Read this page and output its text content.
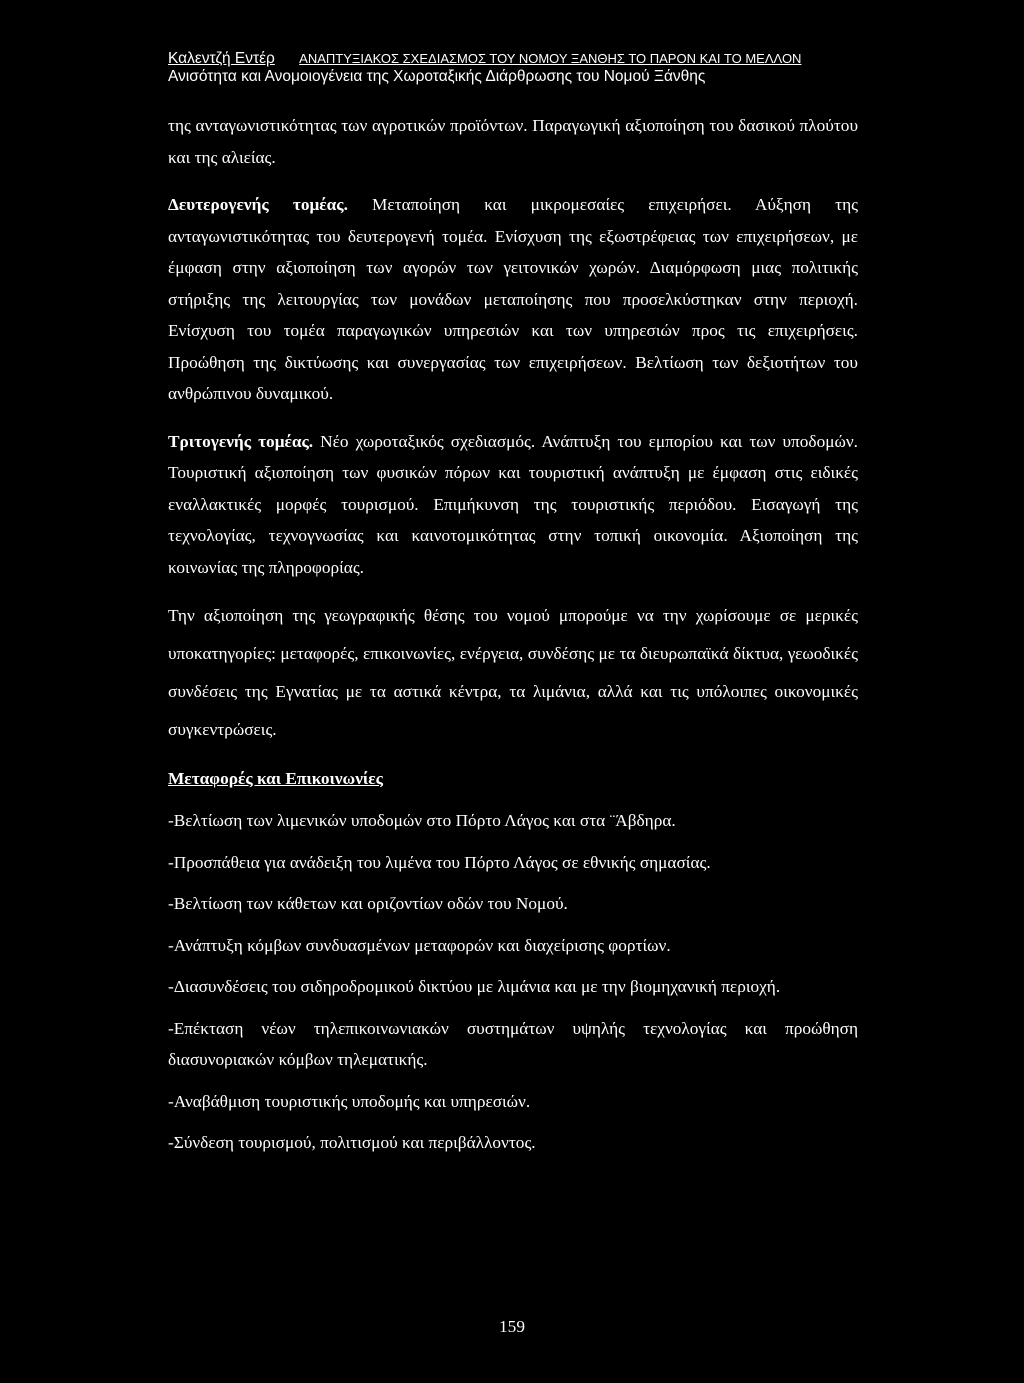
Καλεντζή Εντέρ ΑΝΑΠΤΥΞΙΑΚΟΣ ΣΧΕΔΙΑΣΜΟΣ ΤΟΥ ΝΟΜΟΥ ΞΑΝΘΗΣ ΤΟ ΠΑΡΟΝ ΚΑΙ ΤΟ ΜΕΛΛΟΝ
Ανισότητα και Ανομοιογένεια της Χωροταξικής Διάρθρωσης του Νομού Ξάνθης

της ανταγωνιστικότητας των αγροτικών προϊόντων. Παραγωγική αξιοποίηση του δασικού πλούτου και της αλιείας.

Δευτερογενής τομέας. Μεταποίηση και μικρομεσαίες επιχειρήσει. Αύξηση της ανταγωνιστικότητας του δευτερογενή τομέα. Ενίσχυση της εξωστρέφειας των επιχειρήσεων, με έμφαση στην αξιοποίηση των αγορών των γειτονικών χωρών. Διαμόρφωση μιας πολιτικής στήριξης της λειτουργίας των μονάδων μεταποίησης που προσελκύστηκαν στην περιοχή. Ενίσχυση του τομέα παραγωγικών υπηρεσιών και των υπηρεσιών προς τις επιχειρήσεις. Προώθηση της δικτύωσης και συνεργασίας των επιχειρήσεων. Βελτίωση των δεξιοτήτων του ανθρώπινου δυναμικού.

Τριτογενής τομέας. Νέο χωροταξικός σχεδιασμός. Ανάπτυξη του εμπορίου και των υποδομών. Τουριστική αξιοποίηση των φυσικών πόρων και τουριστική ανάπτυξη με έμφαση στις ειδικές εναλλακτικές μορφές τουρισμού. Επιμήκυνση της τουριστικής περιόδου. Εισαγωγή της τεχνολογίας, τεχνογνωσίας και καινοτομικότητας στην τοπική οικονομία. Αξιοποίηση της κοινωνίας της πληροφορίας.

Την αξιοποίηση της γεωγραφικής θέσης του νομού μπορούμε να την χωρίσουμε σε μερικές υποκατηγορίες: μεταφορές, επικοινωνίες, ενέργεια, συνδέσης με τα διευρωπαϊκά δίκτυα, γεωοδικές συνδέσεις της Εγνατίας με τα αστικά κέντρα, τα λιμάνια, αλλά και τις υπόλοιπες οικονομικές συγκεντρώσεις.

Μεταφορές και Επικοινωνίες
-Βελτίωση των λιμενικών υποδομών στο Πόρτο Λάγος και στα ¨Άβδηρα.
-Προσπάθεια για ανάδειξη του λιμένα του Πόρτο Λάγος σε εθνικής σημασίας.
-Βελτίωση των κάθετων και οριζοντίων οδών του Νομού.
-Ανάπτυξη κόμβων συνδυασμένων μεταφορών και διαχείρισης φορτίων.
-Διασυνδέσεις του σιδηροδρομικού δικτύου με λιμάνια και με την βιομηχανική περιοχή.
-Επέκταση νέων τηλεπικοινωνιακών συστημάτων υψηλής τεχνολογίας και προώθηση διασυνοριακών κόμβων τηλεματικής.
-Αναβάθμιση τουριστικής υποδομής και υπηρεσιών.
-Σύνδεση τουρισμού, πολιτισμού και περιβάλλοντος.
159
